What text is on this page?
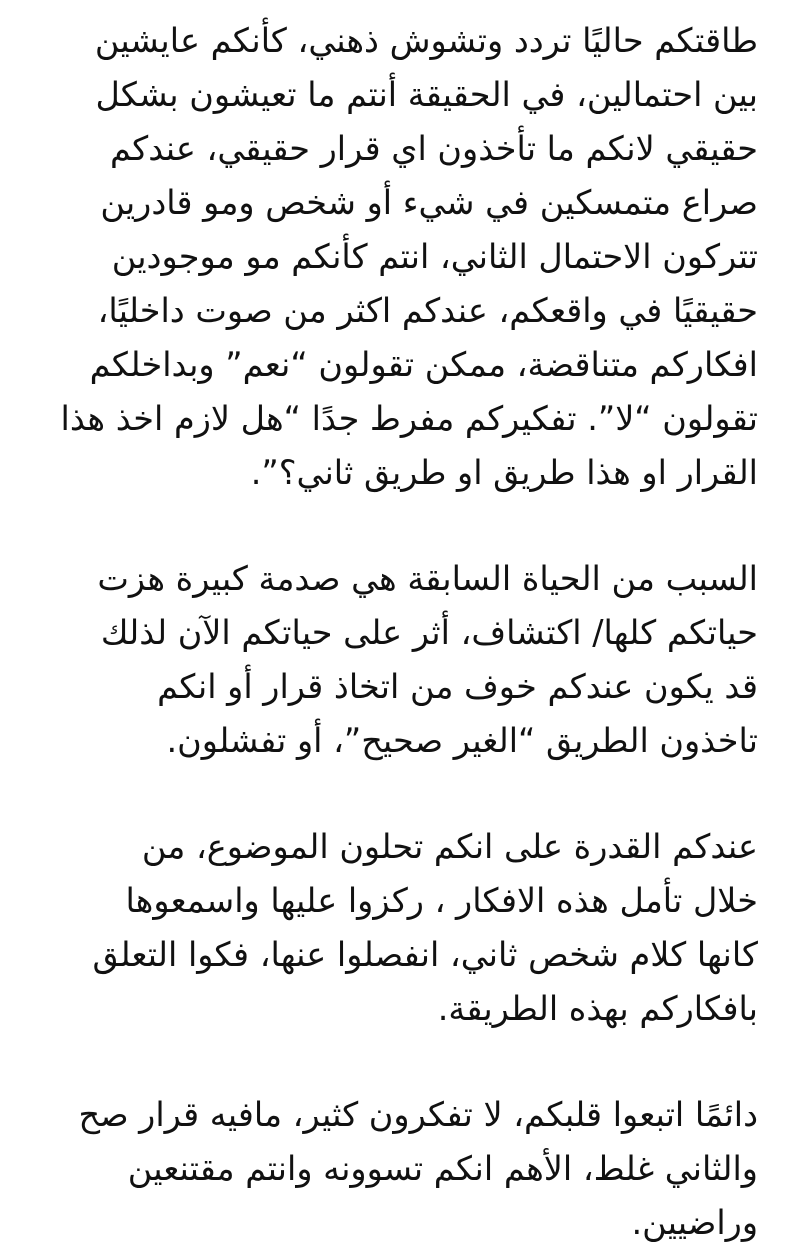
طاقتكم حاليًا تردد وتشوش ذهني، كأنكم عايشين
بين احتمالين، في الحقيقة أنتم ما تعيشون بشكل
حقيقي لانكم ما تأخذون اي قرار حقيقي، عندكم
صراع متمسكين في شيء أو شخص ومو قادرين
تتركون الاحتمال الثاني، انتم كأنكم مو موجودين
حقيقيًا في واقعكم، عندكم اكثر من صوت داخليًا،
افكاركم متناقضة، ممكن تقولون “نعم” وبداخلكم
تقولون “لا”. تفكيركم مفرط جدًا “هل لازم اخذ هذا
القرار او هذا طريق او طريق ثاني؟”.
السبب من الحياة السابقة هي صدمة كبيرة هزت
حياتكم كلها/ اكتشاف، أثر على حياتكم الآن لذلك
قد يكون عندكم خوف من اتخاذ قرار أو انكم
تاخذون الطريق “الغير صحيح”، أو تفشلون.
عندكم القدرة على انكم تحلون الموضوع، من
خلال تأمل هذه الافكار ، ركزوا عليها واسمعوها
كانها كلام شخص ثاني، انفصلوا عنها، فكوا التعلق
بافكاركم بهذه الطريقة.
دائمًا اتبعوا قلبكم، لا تفكرون كثير، مافيه قرار صح
والثاني غلط، الأهم انكم تسوونه وانتم مقتنعين
وراضيين.
